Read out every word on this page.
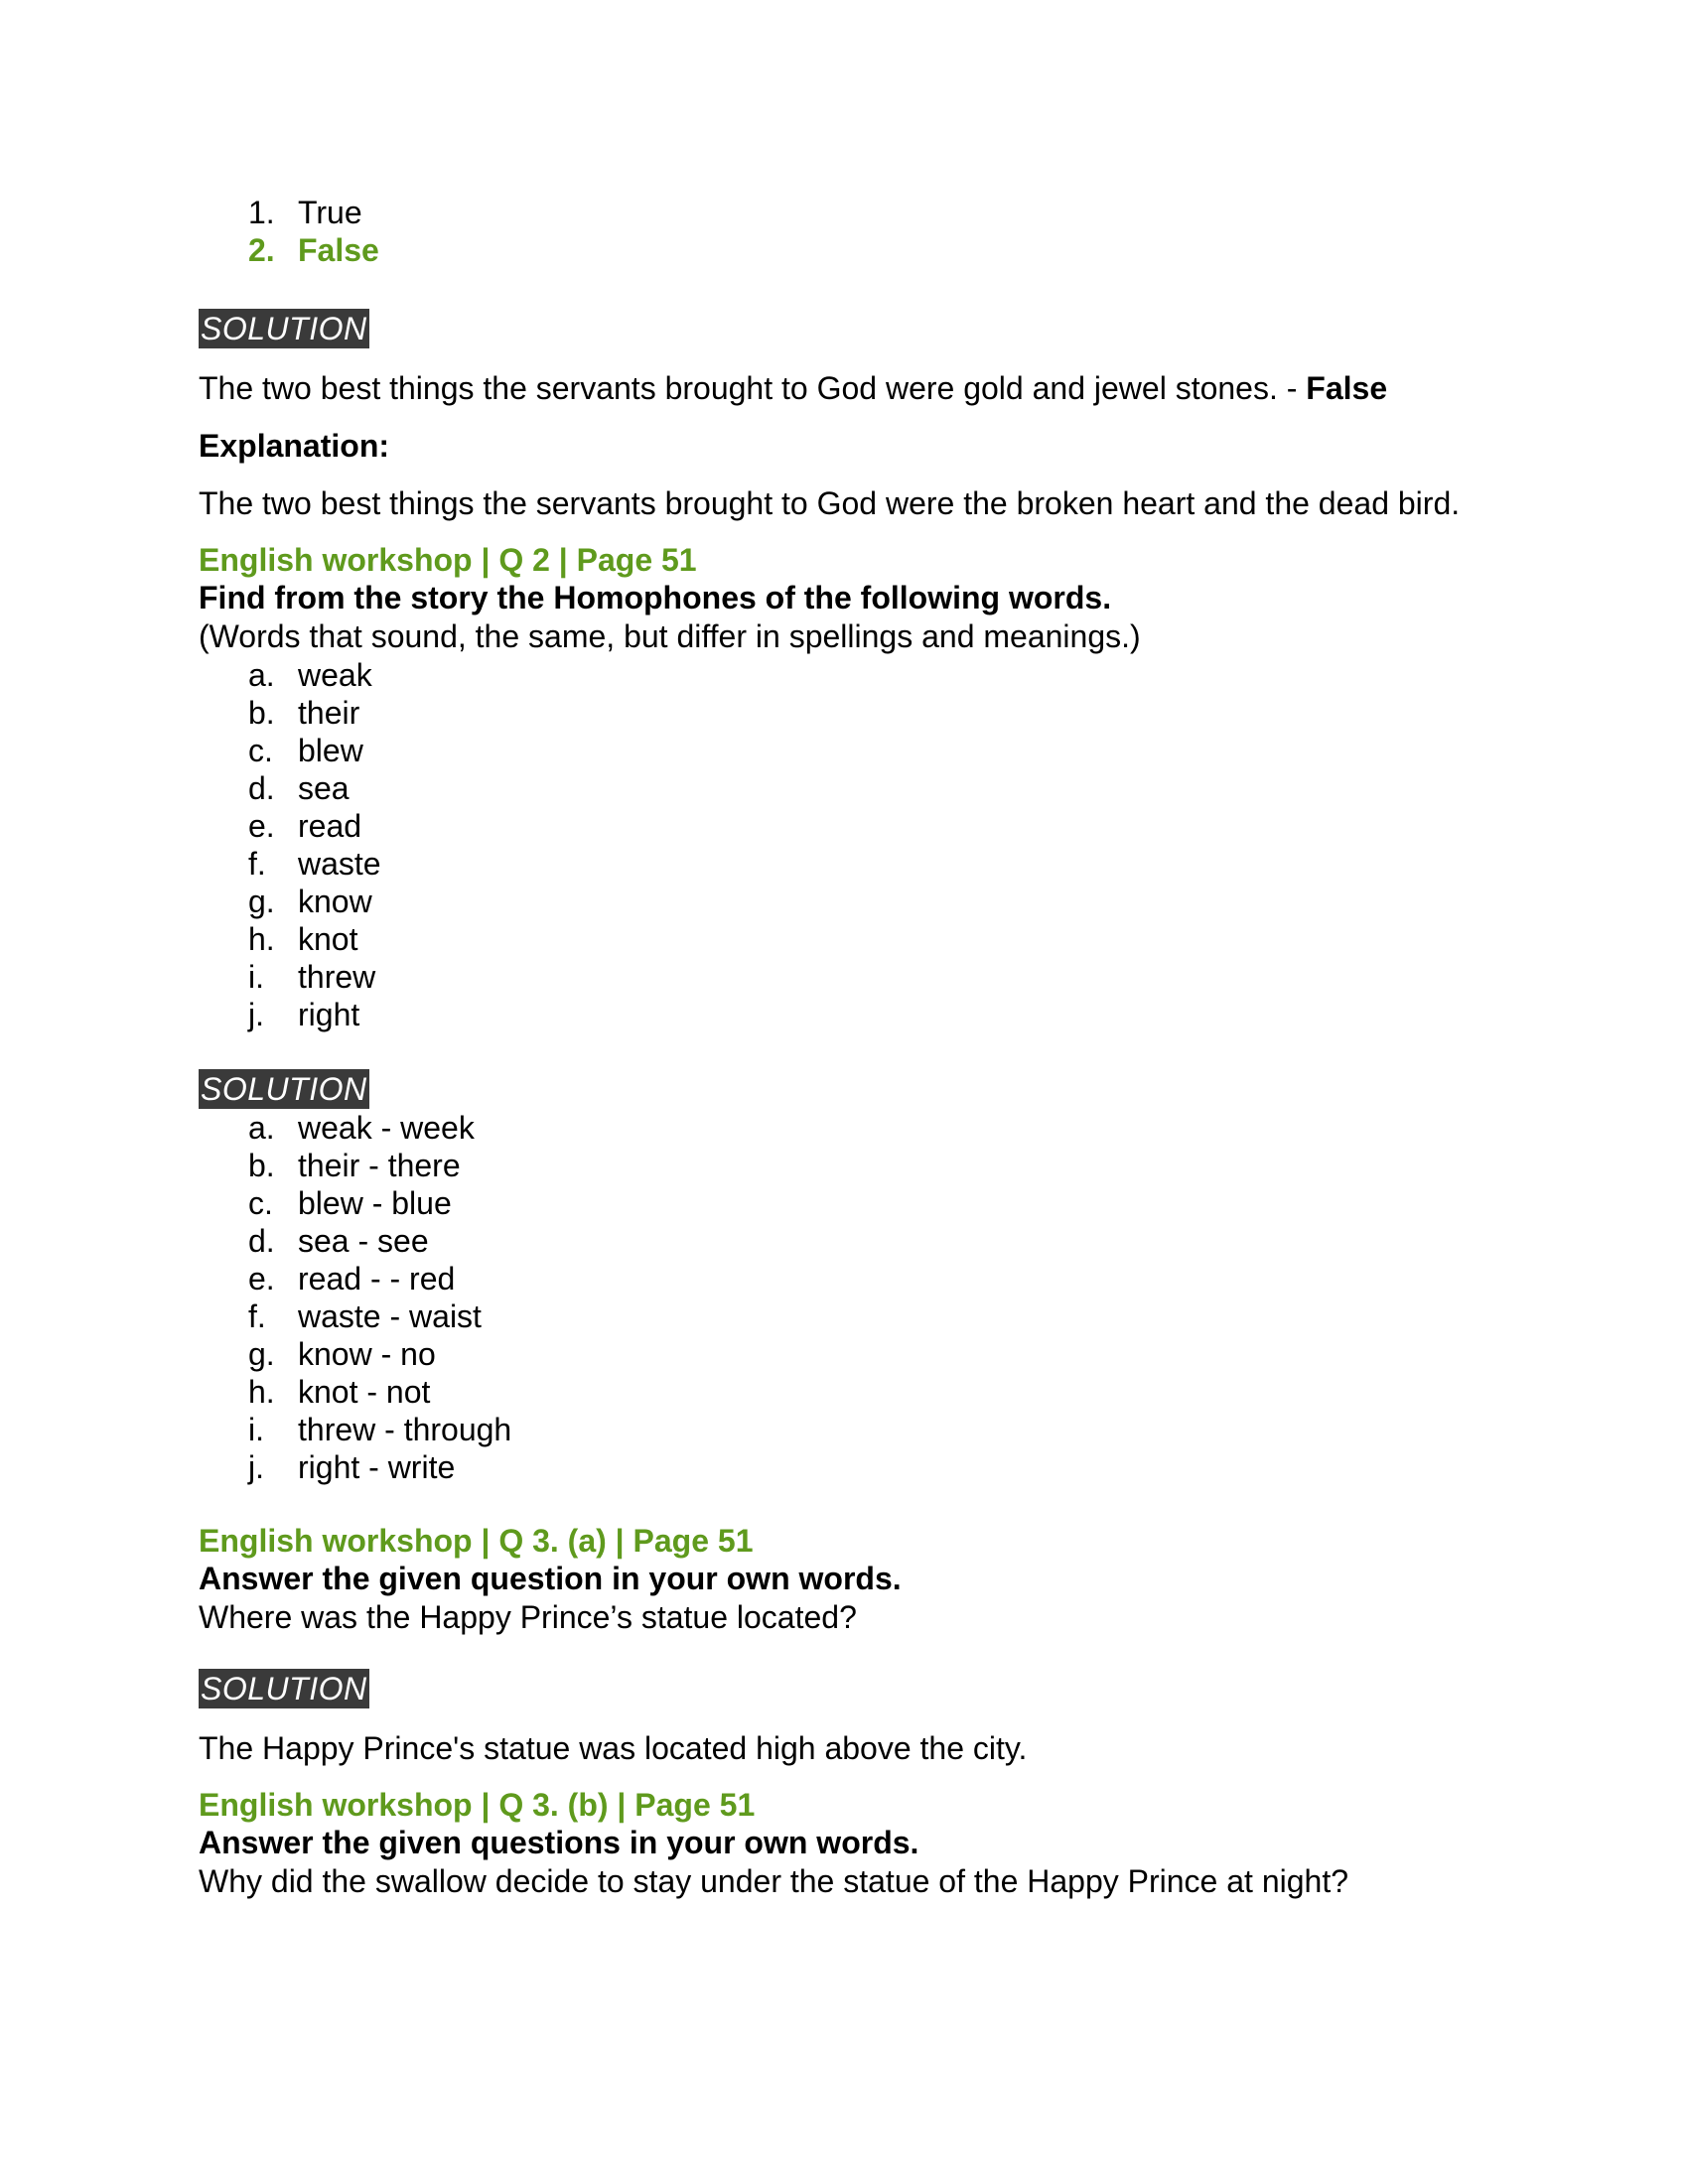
1. True
2. False
SOLUTION

The two best things the servants brought to God were gold and jewel stones. - False

Explanation:

The two best things the servants brought to God were the broken heart and the dead bird.

English workshop | Q 2 | Page 51

Find from the story the Homophones of the following words.

(Words that sound, the same, but differ in spellings and meanings.)

a. weak
b. their
c. blew
d. sea
e. read
f. waste
g. know
h. knot
i. threw
j. right
SOLUTION
a. weak - week
b. their - there
c. blew - blue
d. sea - see
e. read - - red
f. waste - waist
g. know - no
h. knot - not
i. threw - through
j. right - write

English workshop | Q 3. (a) | Page 51

Answer the given question in your own words.

Where was the Happy Prince’s statue located?

SOLUTION

The Happy Prince's statue was located high above the city.

English workshop | Q 3. (b) | Page 51

Answer the given questions in your own words.

Why did the swallow decide to stay under the statue of the Happy Prince at night?
